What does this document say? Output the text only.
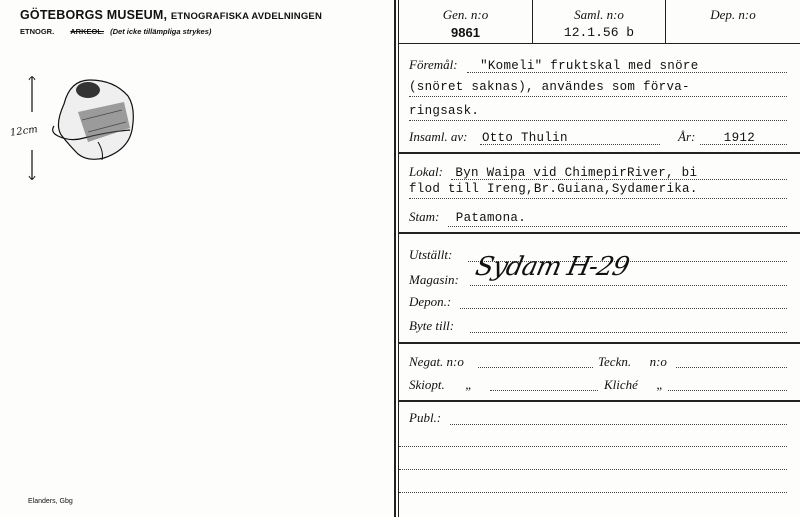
GÖTEBORGS MUSEUM, ETNOGRAFISKA AVDELNINGEN
ETNOGR. ARKEOL. (Det icke tillämpliga strykes)
12cm
Elanders, Gbg
Gen. n:o
9861
Saml. n:o
12.1.56 b
Dep. n:o
Föremål: "Komeli" fruktskal med snöre
(snöret saknas), användes som förva-
ringsask.
Insaml. av: Otto Thulin	År: 1912
Lokal: Byn Waipa vid ChimepirRiver, bi
flod till Ireng,Br.Guiana,Sydamerika.
Stam: Patamona.
Utställt:
Magasin: Sydam H-29
Depon.:
Byte till:
Negat. n:o	Teckn. n:o
Skiopt. „	Kliché „
Publ.:
